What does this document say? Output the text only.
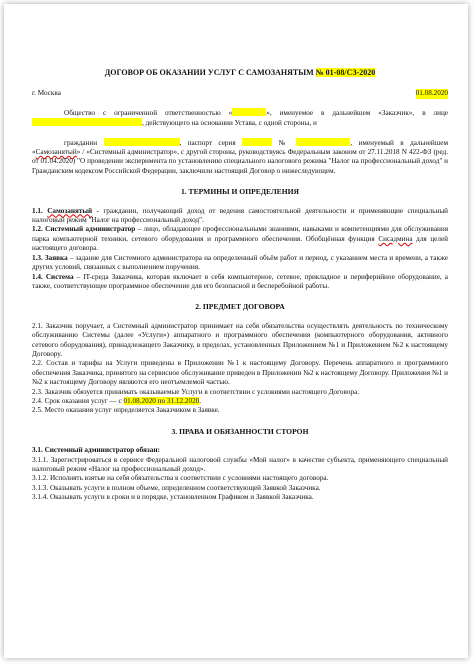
ДОГОВОР ОБ ОКАЗАНИИ УСЛУГ С САМОЗАНЯТЫМ № 01-08/СЗ-2020
г. Москва	01.08.2020
Общество с ограниченной ответственностью «	», именуемое в дальнейшем «Заказчик», в лице , действующего на основании Устава, с одной стороны, и
гражданин	, паспорт серия	№	, именуемый в дальнейшем «Самозанятый» / «Системный администратор», с другой стороны, руководствуясь Федеральным законом от 27.11.2018 N 422-ФЗ (ред. от 01.04.2020) "О проведении эксперимента по установлению специального налогового режима "Налог на профессиональный доход" и Гражданским кодексом Российской Федерации, заключили настоящий Договор о нижеследующем.
1. ТЕРМИНЫ И ОПРЕДЕЛЕНИЯ
1.1. Самозанятый - гражданин, получающий доход от ведения самостоятельной деятельности и применяющие специальный налоговый режим "Налог на профессиональный доход".
1.2. Системный администратор – лицо, обладающее профессиональными знаниями, навыками и компетенциями для обслуживания парка компьютерной техники, сетевого оборудования и программного обеспечения. Обобщённая функция Сисадмина для целей настоящего договора.
1.3. Заявка – задание для Системного администратора на определенный объём работ и период, с указанием места и времени, а также других условий, связанных с выполнением поручения.
1.4. Система – IT-среда Заказчика, которая включает в себя компьютерное, сетевое, прикладное и периферийное оборудование, а также, соответствующее программное обеспечение для его безопасной и бесперебойной работы.
2. ПРЕДМЕТ ДОГОВОРА
2.1. Заказчик поручает, а Системный администратор принимает на себя обязательства осуществлять деятельность по техническому обслуживанию Системы (далее «Услуги») аппаратного и программного обеспечения (компьютерного оборудования, активного сетевого оборудования), принадлежащего Заказчику, в пределах, установленных Приложением №1 и Приложением №2 к настоящему Договору.
2.2. Состав и тарифы на Услуги приведены в Приложении №1 к настоящему Договору. Перечень аппаратного и программного обеспечения Заказчика, принятого на сервисное обслуживание приведен в Приложении №2 к настоящему Договору. Приложения №1 и №2 к настоящему Договору являются его неотъемлемой частью.
2.3. Заказчик обязуется принимать оказываемые Услуги в соответствии с условиями настоящего Договора.
2.4. Срок оказания услуг — с 01.08.2020 по 31.12.2020.
2.5. Место оказания услуг определяется Заказчиком в Заявке.
3. ПРАВА И ОБЯЗАННОСТИ СТОРОН
3.1. Системный администратор обязан:
3.1.1. Зарегистрироваться в сервисе Федеральной налоговой службы «Мой налог» в качестве субъекта, применяющего специальный налоговый режим «Налог на профессиональный доход».
3.1.2. Исполнять взятые на себя обязательства в соответствии с условиями настоящего договора.
3.1.3. Оказывать услуги в полном объеме, определенном соответствующей Заявкой Заказчика.
3.1.4. Оказывать услуги в сроки и в порядке, установленном Графиком и Заявкой Заказчика.
